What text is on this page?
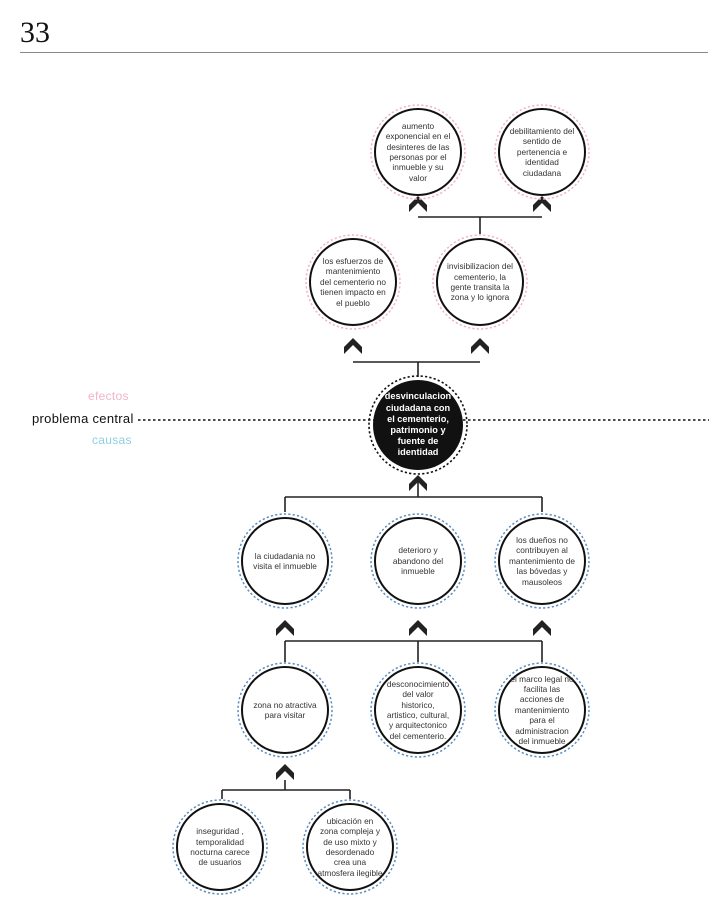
33
efectos
problema central
causas
aumento exponencial en el desinteres de las personas por el inmueble y su valor
debilitamiento del sentido de pertenencia e identidad ciudadana
los esfuerzos de mantenimiento del cementerio no tienen impacto en el pueblo
invisibilizacion del cementerio, la gente transita la zona y lo ignora
desvinculacion ciudadana con el cementerio, patrimonio y fuente de identidad
la ciudadania no visita el inmueble
deterioro y abandono del inmueble
los dueños no contribuyen al mantenimiento de las bóvedas y mausoleos
zona no atractiva para visitar
desconocimiento del valor historico, artistico, cultural, y arquitectonico del cementerio.
el marco legal no facilita las acciones de mantenimiento para el administracion del inmueble
inseguridad , temporalidad nocturna carece de usuarios
ubicación en zona compleja y de uso mixto y desordenado crea una atmosfera ilegible
